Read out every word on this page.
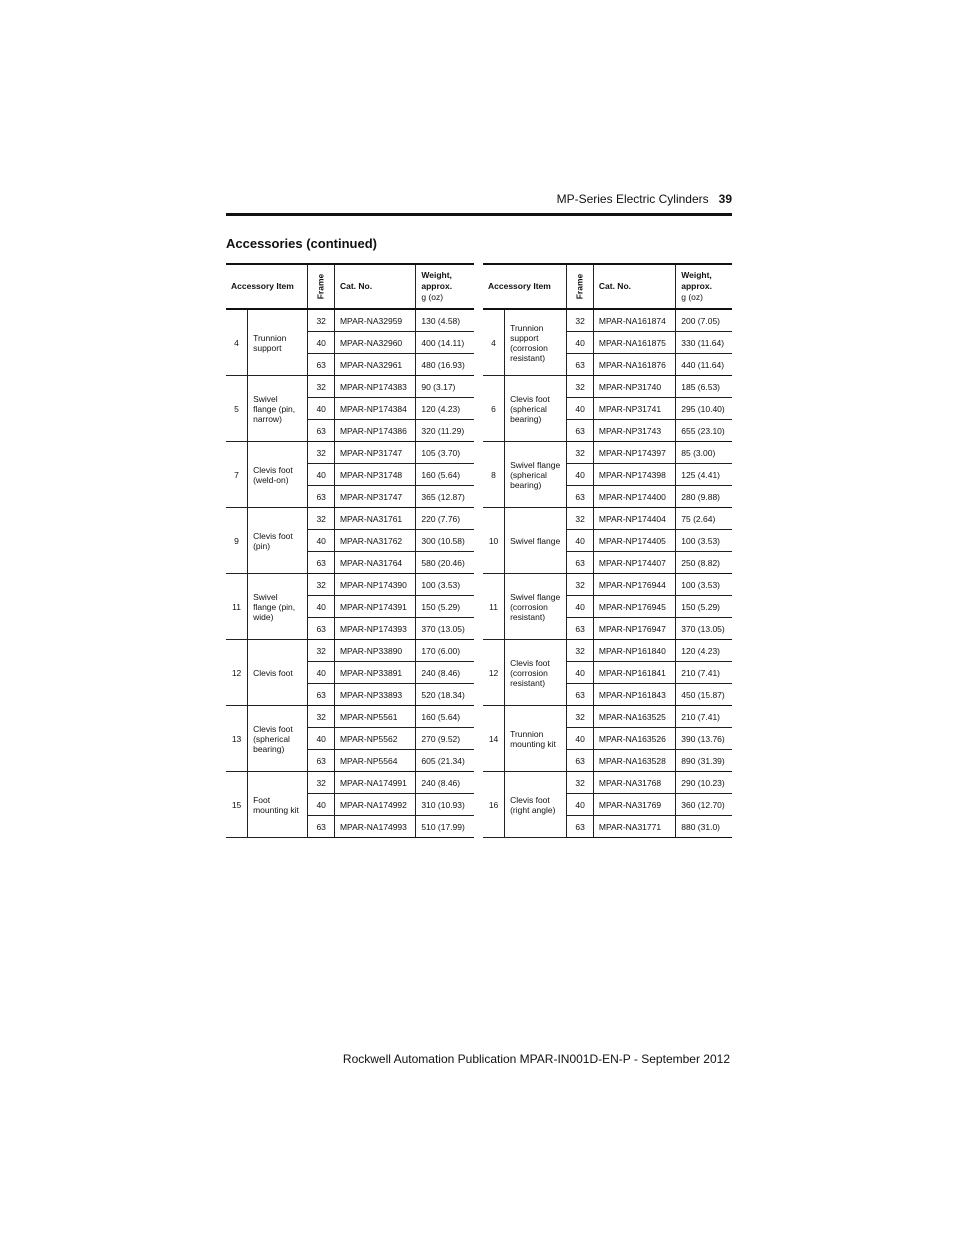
MP-Series Electric Cylinders 39
Accessories (continued)
Accessory Item		Frame	Cat. No.	Weight,
approx.
g (oz)
4	Trunnion support	32	MPAR-NA32959	130 (4.58)
		40	MPAR-NA32960	400 (14.11)
		63	MPAR-NA32961	480 (16.93)
5	Swivel flange (pin, narrow)	32	MPAR-NP174383	90 (3.17)
		40	MPAR-NP174384	120 (4.23)
		63	MPAR-NP174386	320 (11.29)
7	Clevis foot (weld-on)	32	MPAR-NP31747	105 (3.70)
		40	MPAR-NP31748	160 (5.64)
		63	MPAR-NP31747	365 (12.87)
9	Clevis foot (pin)	32	MPAR-NA31761	220 (7.76)
		40	MPAR-NA31762	300 (10.58)
		63	MPAR-NA31764	580 (20.46)
11	Swivel flange (pin, wide)	32	MPAR-NP174390	100 (3.53)
		40	MPAR-NP174391	150 (5.29)
		63	MPAR-NP174393	370 (13.05)
12	Clevis foot	32	MPAR-NP33890	170 (6.00)
		40	MPAR-NP33891	240 (8.46)
		63	MPAR-NP33893	520 (18.34)
13	Clevis foot (spherical bearing)	32	MPAR-NP5561	160 (5.64)
		40	MPAR-NP5562	270 (9.52)
		63	MPAR-NP5564	605 (21.34)
15	Foot mounting kit	32	MPAR-NA174991	240 (8.46)
		40	MPAR-NA174992	310 (10.93)
		63	MPAR-NA174993	510 (17.99)
Accessory Item		Frame	Cat. No.	Weight,
approx.
g (oz)
4	Trunnion support (corrosion resistant)	32	MPAR-NA161874	200 (7.05)
		40	MPAR-NA161875	330 (11.64)
		63	MPAR-NA161876	440 (11.64)
6	Clevis foot (spherical bearing)	32	MPAR-NP31740	185 (6.53)
		40	MPAR-NP31741	295 (10.40)
		63	MPAR-NP31743	655 (23.10)
8	Swivel flange (spherical bearing)	32	MPAR-NP174397	85 (3.00)
		40	MPAR-NP174398	125 (4.41)
		63	MPAR-NP174400	280 (9.88)
10	Swivel flange	32	MPAR-NP174404	75 (2.64)
		40	MPAR-NP174405	100 (3.53)
		63	MPAR-NP174407	250 (8.82)
11	Swivel flange (corrosion resistant)	32	MPAR-NP176944	100 (3.53)
		40	MPAR-NP176945	150 (5.29)
		63	MPAR-NP176947	370 (13.05)
12	Clevis foot (corrosion resistant)	32	MPAR-NP161840	120 (4.23)
		40	MPAR-NP161841	210 (7.41)
		63	MPAR-NP161843	450 (15.87)
14	Trunnion mounting kit	32	MPAR-NA163525	210 (7.41)
		40	MPAR-NA163526	390 (13.76)
		63	MPAR-NA163528	890 (31.39)
16	Clevis foot (right angle)	32	MPAR-NA31768	290 (10.23)
		40	MPAR-NA31769	360 (12.70)
		63	MPAR-NA31771	880 (31.0)
Rockwell Automation Publication MPAR-IN001D-EN-P - September 2012
